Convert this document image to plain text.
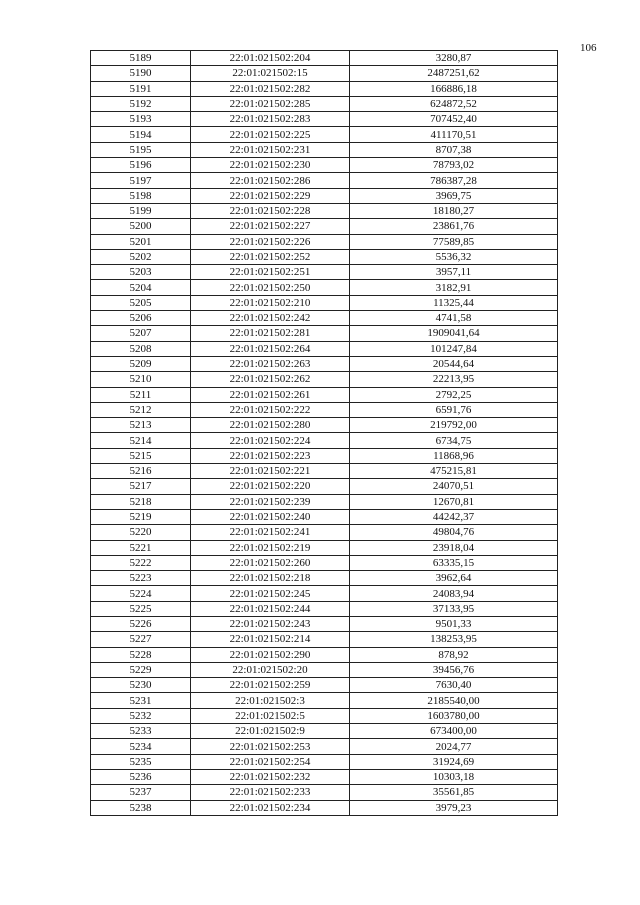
106
5189	22:01:021502:204	3280,87
5190	22:01:021502:15	2487251,62
5191	22:01:021502:282	166886,18
5192	22:01:021502:285	624872,52
5193	22:01:021502:283	707452,40
5194	22:01:021502:225	411170,51
5195	22:01:021502:231	8707,38
5196	22:01:021502:230	78793,02
5197	22:01:021502:286	786387,28
5198	22:01:021502:229	3969,75
5199	22:01:021502:228	18180,27
5200	22:01:021502:227	23861,76
5201	22:01:021502:226	77589,85
5202	22:01:021502:252	5536,32
5203	22:01:021502:251	3957,11
5204	22:01:021502:250	3182,91
5205	22:01:021502:210	11325,44
5206	22:01:021502:242	4741,58
5207	22:01:021502:281	1909041,64
5208	22:01:021502:264	101247,84
5209	22:01:021502:263	20544,64
5210	22:01:021502:262	22213,95
5211	22:01:021502:261	2792,25
5212	22:01:021502:222	6591,76
5213	22:01:021502:280	219792,00
5214	22:01:021502:224	6734,75
5215	22:01:021502:223	11868,96
5216	22:01:021502:221	475215,81
5217	22:01:021502:220	24070,51
5218	22:01:021502:239	12670,81
5219	22:01:021502:240	44242,37
5220	22:01:021502:241	49804,76
5221	22:01:021502:219	23918,04
5222	22:01:021502:260	63335,15
5223	22:01:021502:218	3962,64
5224	22:01:021502:245	24083,94
5225	22:01:021502:244	37133,95
5226	22:01:021502:243	9501,33
5227	22:01:021502:214	138253,95
5228	22:01:021502:290	878,92
5229	22:01:021502:20	39456,76
5230	22:01:021502:259	7630,40
5231	22:01:021502:3	2185540,00
5232	22:01:021502:5	1603780,00
5233	22:01:021502:9	673400,00
5234	22:01:021502:253	2024,77
5235	22:01:021502:254	31924,69
5236	22:01:021502:232	10303,18
5237	22:01:021502:233	35561,85
5238	22:01:021502:234	3979,23
